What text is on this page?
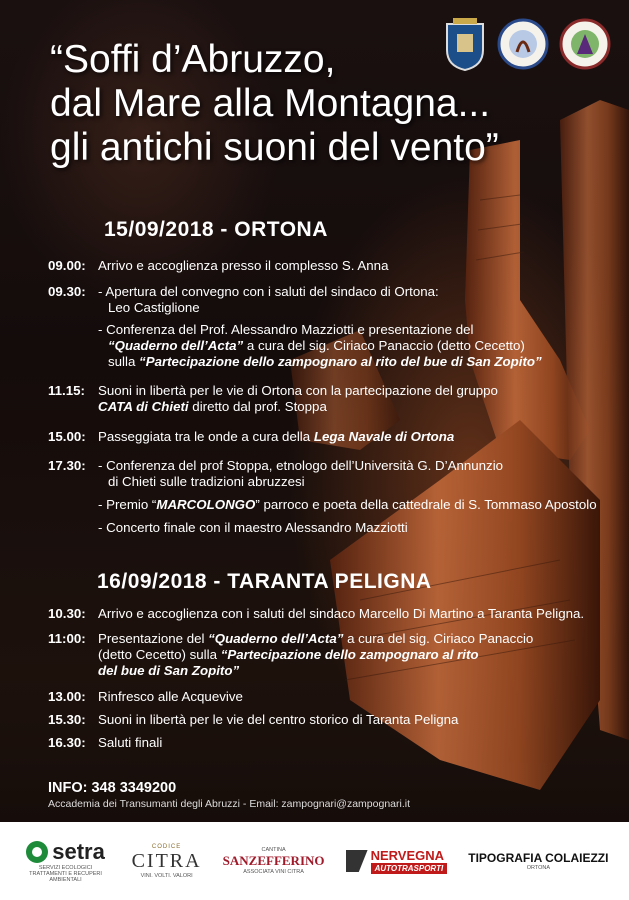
“Soffi d’Abruzzo,
dal Mare alla Montagna...
gli antichi suoni del vento”
15/09/2018 - ORTONA
09.00: Arrivo e accoglienza presso il complesso S. Anna
09.30: - Apertura del convegno con i saluti del sindaco di Ortona:
Leo Castiglione
- Conferenza del Prof. Alessandro Mazziotti e presentazione del
“Quaderno dell’Acta” a cura del sig. Ciriaco Panaccio (detto Cecetto)
sulla “Partecipazione dello zampognaro al rito del bue di San Zopito”
11.15: Suoni in libertà per le vie di Ortona con la partecipazione del gruppo
CATA di Chieti diretto dal prof. Stoppa
15.00: Passeggiata tra le onde a cura della Lega Navale di Ortona
17.30: - Conferenza del prof Stoppa, etnologo dell’Università G. D’Annunzio
di Chieti sulle tradizioni abruzzesi
- Premio “MARCOLONGO” parroco e poeta della cattedrale di S. Tommaso Apostolo
- Concerto finale con il maestro Alessandro Mazziotti
16/09/2018 - TARANTA PELIGNA
10.30: Arrivo e accoglienza con i saluti del sindaco Marcello Di Martino a Taranta Peligna.
11:00: Presentazione del “Quaderno dell’Acta” a cura del sig. Ciriaco Panaccio
(detto Cecetto) sulla “Partecipazione dello zampognaro al rito
del bue di San Zopito”
13.00: Rinfresco alle Acquevive
15.30: Suoni in libertà per le vie del centro storico di Taranta Peligna
16.30: Saluti finali
INFO: 348 3349200
Accademia dei Transumanti degli Abruzzi - Email: zampognari@zampognari.it
setra
SERVIZI ECOLOGICI TRATTAMENTI E RECUPERI AMBIENTALI
CODICE
CITRA
VINI. VOLTI. VALORI
CANTINA
SANZEFFERINO
ASSOCIATA VINI CITRA
NERVEGNA
AUTOTRASPORTI
TIPOGRAFIA COLAIEZZI
ORTONA
